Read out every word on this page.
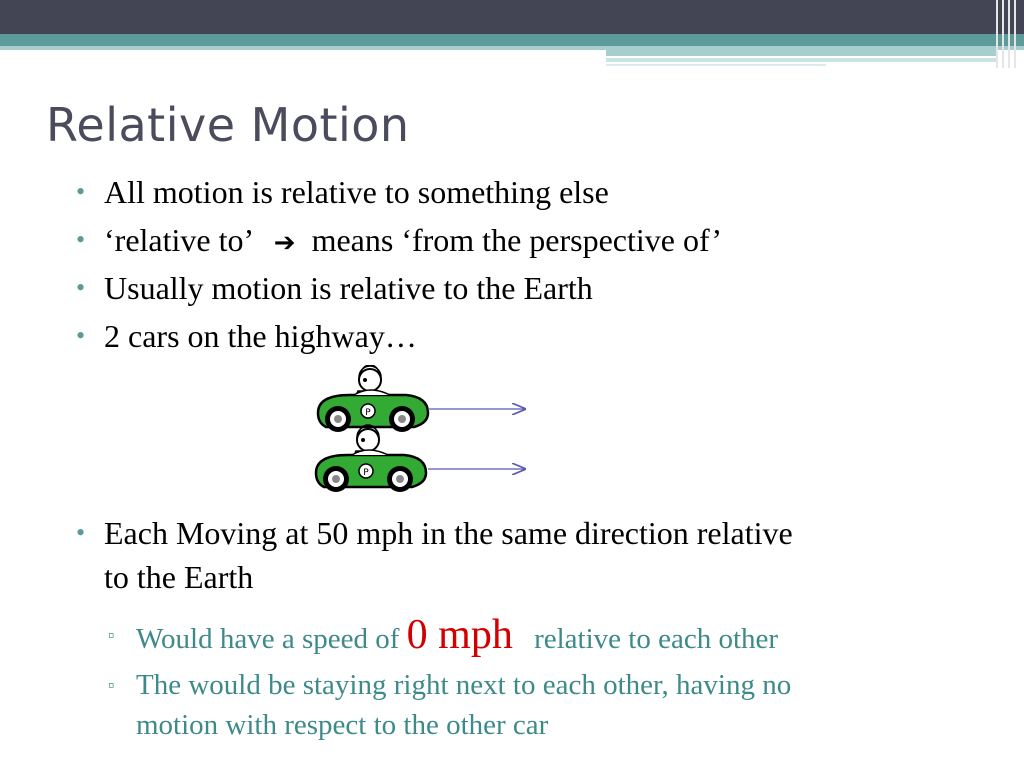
Relative Motion
• All motion is relative to something else
• ‘relative to’ ➔ means ‘from the perspective of’
• Usually motion is relative to the Earth
• 2 cars on the highway…
P
P
• Each Moving at 50 mph in the same direction relative
to the Earth
▫ Would have a speed of 0 mph relative to each other
▫ The would be staying right next to each other, having no
motion with respect to the other car
